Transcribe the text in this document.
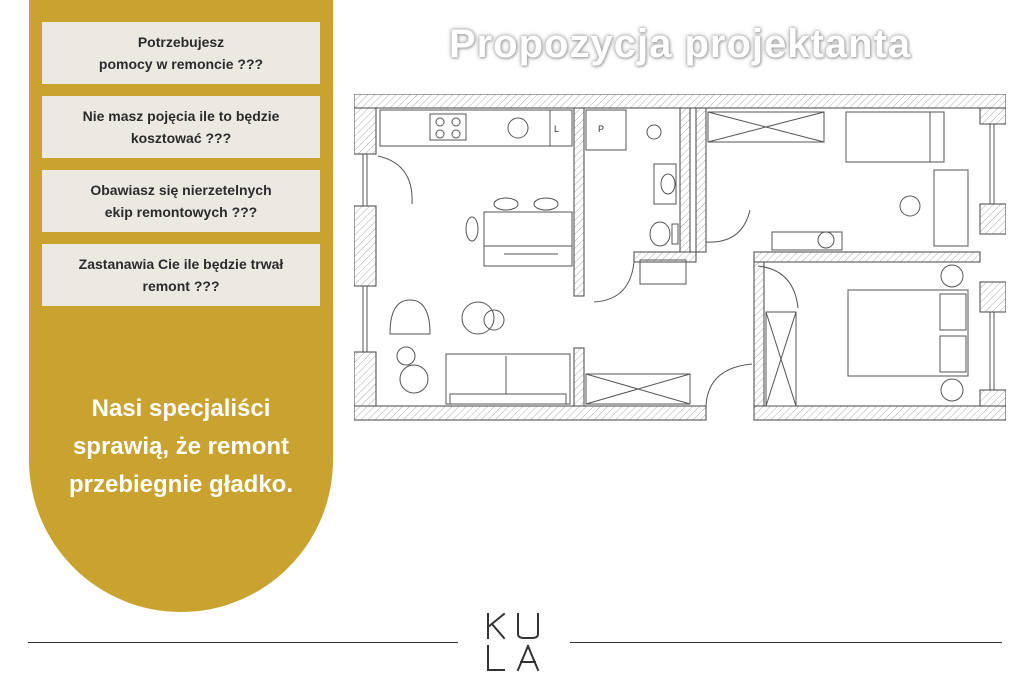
Potrzebujesz
pomocy w remoncie ???
Nie masz pojęcia ile to będzie
kosztować ???
Obawiasz się nierzetelnych
ekip remontowych ???
Zastanawia Cie ile będzie trwał
remont ???
Nasi specjaliści
sprawią, że remont
przebiegnie gładko.
Propozycja projektanta
L	P
